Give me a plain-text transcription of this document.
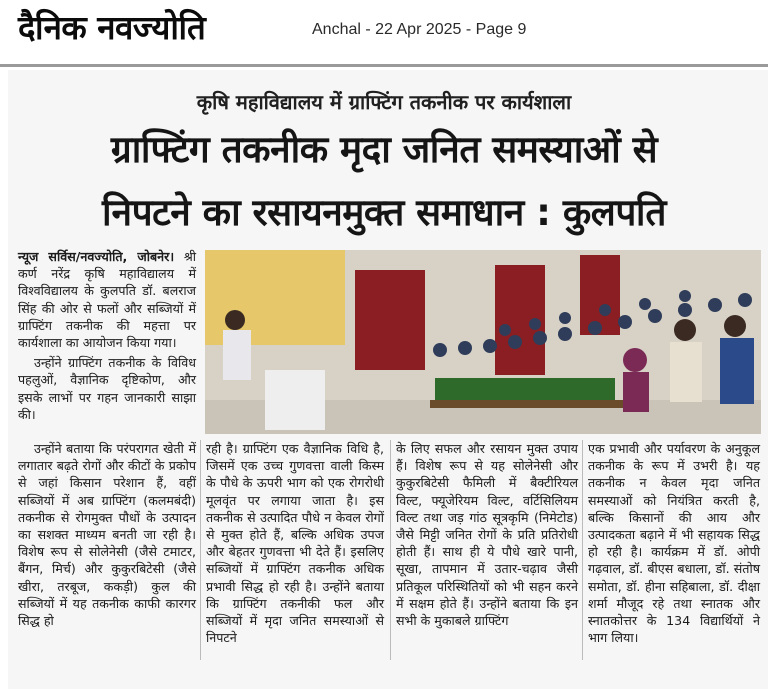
दैनिक नवज्योति	Anchal - 22 Apr 2025 - Page 9
कृषि महाविद्यालय में ग्राफ्टिंग तकनीक पर कार्यशाला
ग्राफ्टिंग तकनीक मृदा जनित समस्याओं से
निपटने का रसायनमुक्त समाधान : कुलपति

न्यूज सर्विस/नवज्योति, जोबनेर। श्री कर्ण नरेंद्र कृषि महाविद्यालय में विश्वविद्यालय के कुलपति डॉ. बलराज सिंह की ओर से फलों और सब्जियों में ग्राफ्टिंग तकनीक की महत्ता पर कार्यशाला का आयोजन किया गया।

उन्होंने ग्राफ्टिंग तकनीक के विविध पहलुओं, वैज्ञानिक दृष्टिकोण, और इसके लाभों पर गहन जानकारी साझा की।

उन्होंने बताया कि परंपरागत खेती में लगातार बढ़ते रोगों और कीटों के प्रकोप से जहां किसान परेशान हैं, वहीं सब्जियों में अब ग्राफ्टिंग (कलमबंदी) तकनीक से रोगमुक्त पौधों के उत्पादन का सशक्त माध्यम बनती जा रही है। विशेष रूप से सोलेनेसी (जैसे टमाटर, बैंगन, मिर्च) और कुकुरबिटेसी (जैसे खीरा, तरबूज, ककड़ी) कुल की सब्जियों में यह तकनीक काफी कारगर सिद्ध हो

रही है। ग्राफ्टिंग एक वैज्ञानिक विधि है, जिसमें एक उच्च गुणवत्ता वाली किस्म के पौधे के ऊपरी भाग को एक रोगरोधी मूलवृंत पर लगाया जाता है। इस तकनीक से उत्पादित पौधे न केवल रोगों से मुक्त होते हैं, बल्कि अधिक उपज और बेहतर गुणवत्ता भी देते हैं। इसलिए सब्जियों में ग्राफ्टिंग तकनीक अधिक प्रभावी सिद्ध हो रही है। उन्होंने बताया कि ग्राफ्टिंग तकनीकी फल और सब्जियों में मृदा जनित समस्याओं से निपटने

के लिए सफल और रसायन मुक्त उपाय हैं। विशेष रूप से यह सोलेनेसी और कुकुरबिटेसी फैमिली में बैक्टीरियल विल्ट, फ्यूजेरियम विल्ट, वर्टिसिलियम विल्ट तथा जड़ गांठ सूत्रकृमि (निमेटोड) जैसे मिट्टी जनित रोगों के प्रति प्रतिरोधी होती हैं। साथ ही ये पौधे खारे पानी, सूखा, तापमान में उतार-चढ़ाव जैसी प्रतिकूल परिस्थितियों को भी सहन करने में सक्षम होते हैं। उन्होंने बताया कि इन सभी के मुकाबले ग्राफ्टिंग

एक प्रभावी और पर्यावरण के अनुकूल तकनीक के रूप में उभरी है। यह तकनीक न केवल मृदा जनित समस्याओं को नियंत्रित करती है, बल्कि किसानों की आय और उत्पादकता बढ़ाने में भी सहायक सिद्ध हो रही है। कार्यक्रम में डॉ. ओपी गढ़वाल, डॉ. बीएस बधाला, डॉ. संतोष समोता, डॉ. हीना सहिबाला, डॉ. दीक्षा शर्मा मौजूद रहे तथा स्नातक और स्नातकोत्तर के 134 विद्यार्थियों ने भाग लिया।
